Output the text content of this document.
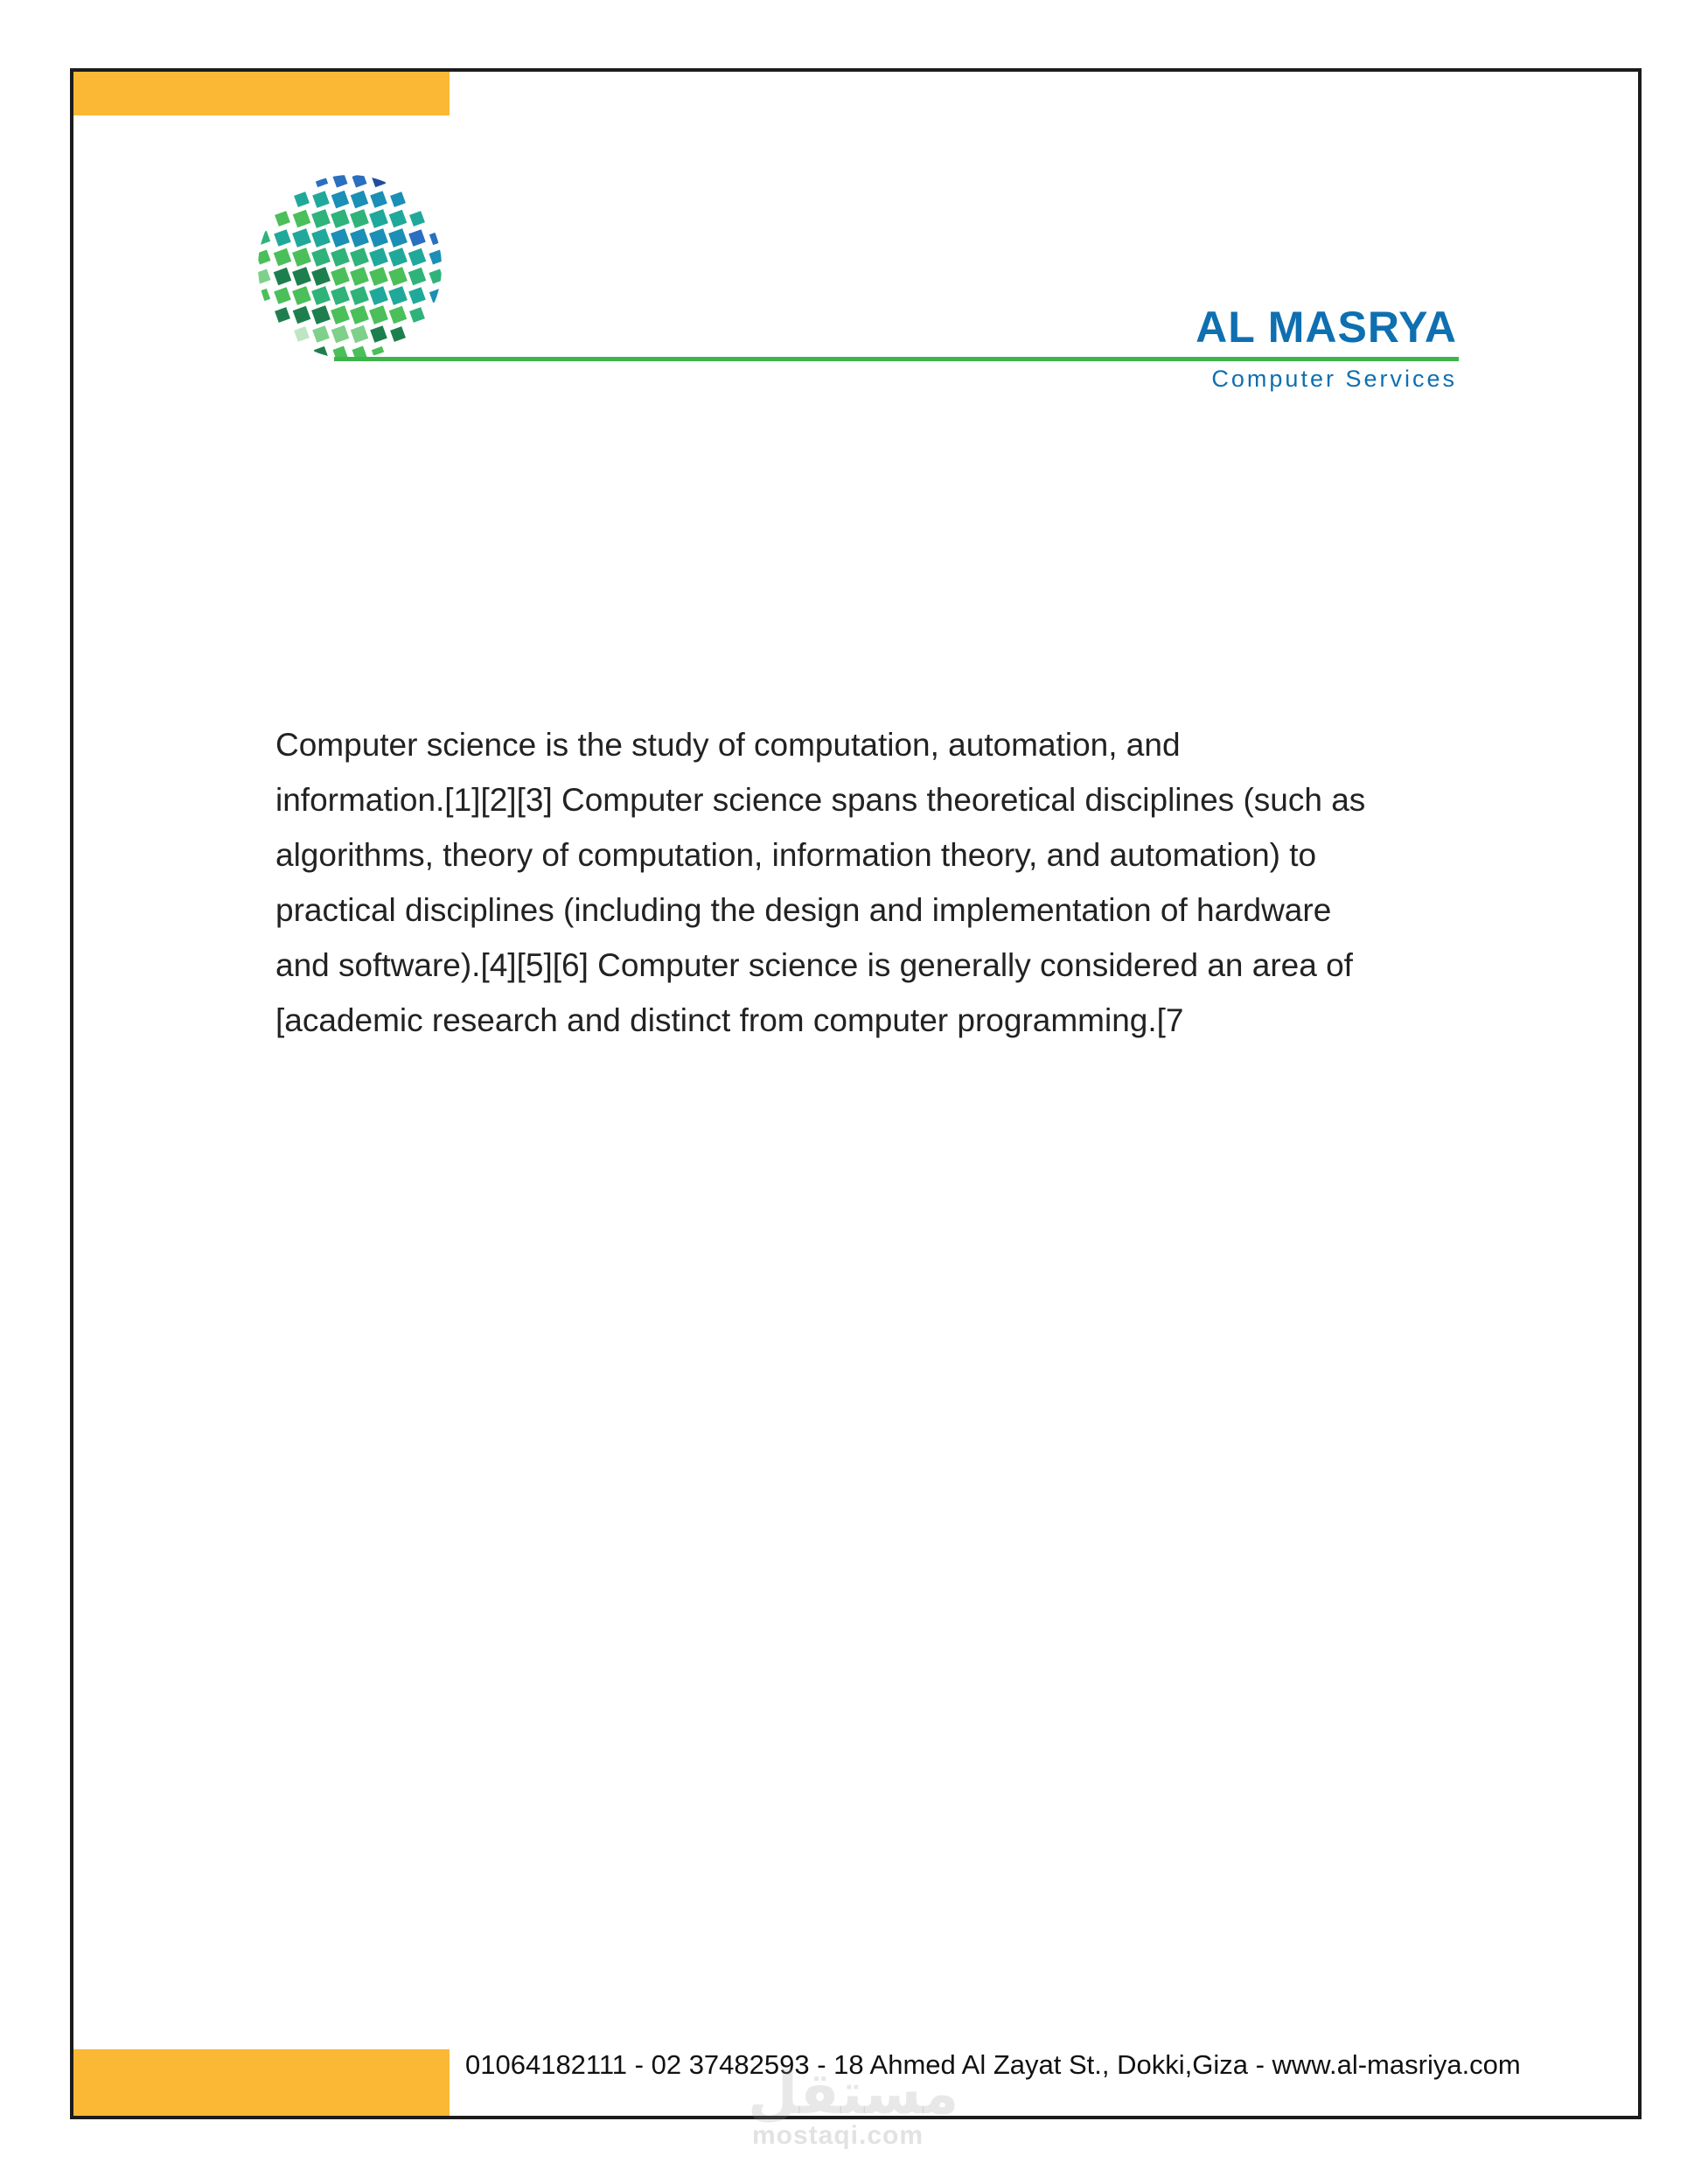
AL MASRYA
Computer Services
Computer science is the study of computation, automation, and
information.[1][2][3] Computer science spans theoretical disciplines (such as
algorithms, theory of computation, information theory, and automation) to
practical disciplines (including the design and implementation of hardware
and software).[4][5][6] Computer science is generally considered an area of
[academic research and distinct from computer programming.[7
01064182111 - 02 37482593 - 18 Ahmed Al Zayat St., Dokki,Giza - www.al-masriya.com
مستقل
mostaqi.com
